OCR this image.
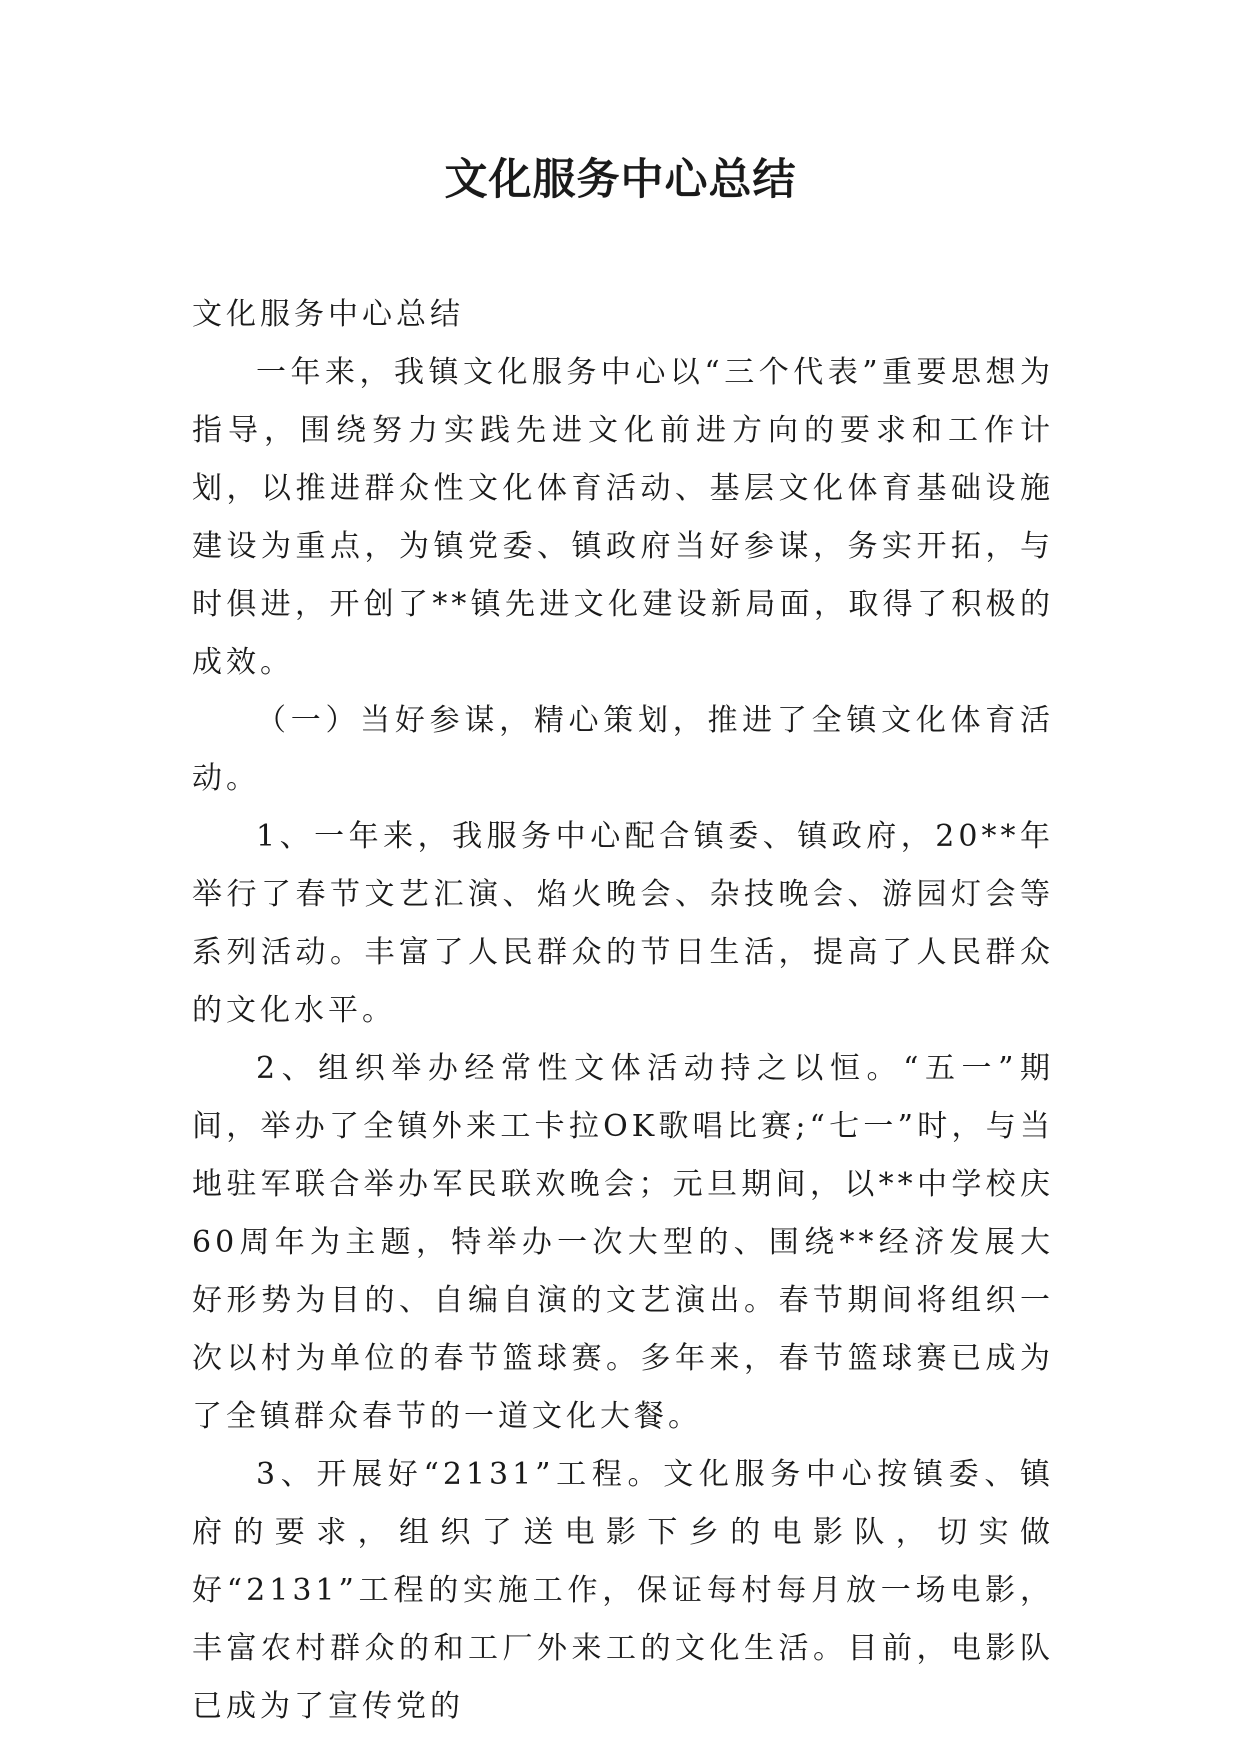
文化服务中心总结

文化服务中心总结

一年来，我镇文化服务中心以“三个代表”重要思想为指导，围绕努力实践先进文化前进方向的要求和工作计划，以推进群众性文化体育活动、基层文化体育基础设施建设为重点，为镇党委、镇政府当好参谋，务实开拓，与时俱进，开创了**镇先进文化建设新局面，取得了积极的成效。

（一）当好参谋，精心策划，推进了全镇文化体育活动。

1、一年来，我服务中心配合镇委、镇政府，20**年举行了春节文艺汇演、焰火晚会、杂技晚会、游园灯会等系列活动。丰富了人民群众的节日生活，提高了人民群众的文化水平。

2、组织举办经常性文体活动持之以恒。“五一”期间，举办了全镇外来工卡拉OK歌唱比赛;“七一”时，与当地驻军联合举办军民联欢晚会；元旦期间，以**中学校庆60周年为主题，特举办一次大型的、围绕**经济发展大好形势为目的、自编自演的文艺演出。春节期间将组织一次以村为单位的春节篮球赛。多年来，春节篮球赛已成为了全镇群众春节的一道文化大餐。

3、开展好“2131”工程。文化服务中心按镇委、镇府的要求，组织了送电影下乡的电影队，切实做好“2131”工程的实施工作，保证每村每月放一场电影，丰富农村群众的和工厂外来工的文化生活。目前，电影队已成为了宣传党的
